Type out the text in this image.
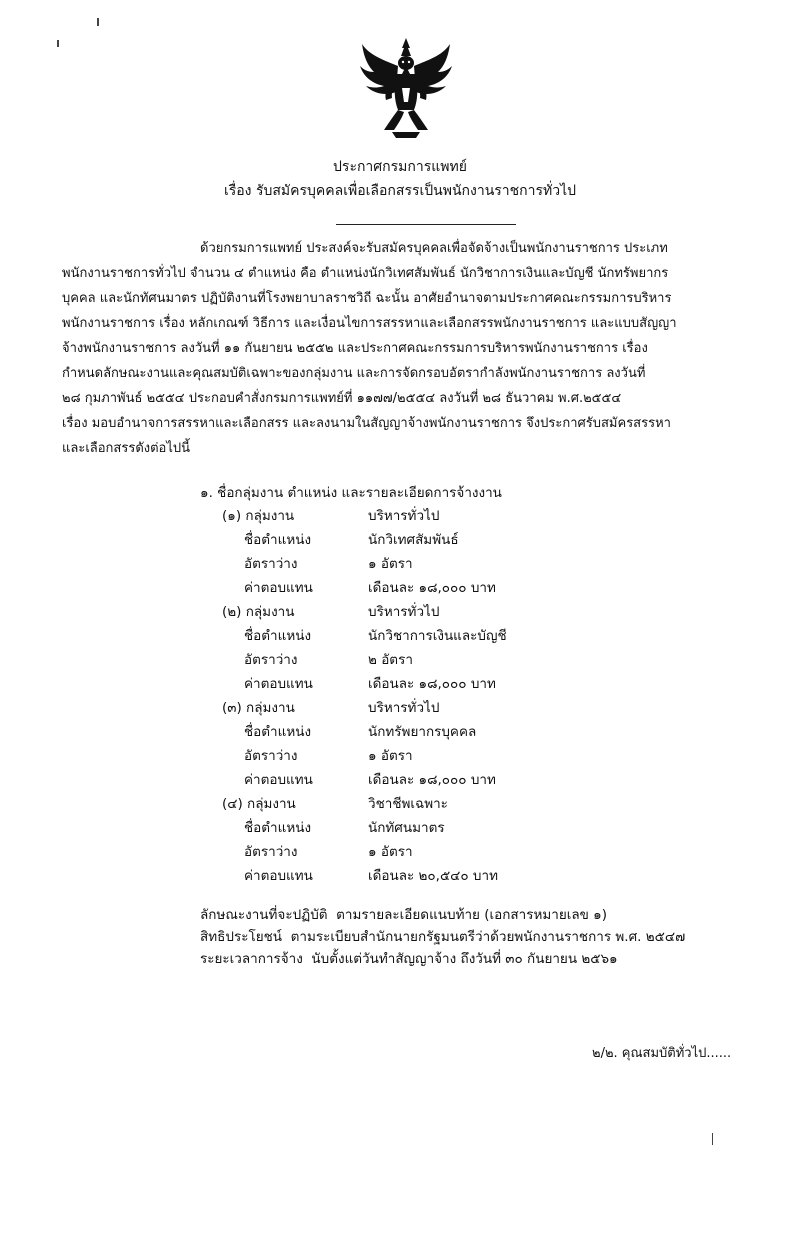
ประกาศกรมการแพทย์
เรื่อง รับสมัครบุคคลเพื่อเลือกสรรเป็นพนักงานราชการทั่วไป
ด้วยกรมการแพทย์ ประสงค์จะรับสมัครบุคคลเพื่อจัดจ้างเป็นพนักงานราชการ ประเภท
พนักงานราชการทั่วไป จำนวน ๔ ตำแหน่ง คือ ตำแหน่งนักวิเทศสัมพันธ์ นักวิชาการเงินและบัญชี นักทรัพยากร
บุคคล และนักทัศนมาตร ปฏิบัติงานที่โรงพยาบาลราชวิถี ฉะนั้น อาศัยอำนาจตามประกาศคณะกรรมการบริหาร
พนักงานราชการ เรื่อง หลักเกณฑ์ วิธีการ และเงื่อนไขการสรรหาและเลือกสรรพนักงานราชการ และแบบสัญญา
จ้างพนักงานราชการ ลงวันที่ ๑๑ กันยายน ๒๕๕๒ และประกาศคณะกรรมการบริหารพนักงานราชการ เรื่อง
กำหนดลักษณะงานและคุณสมบัติเฉพาะของกลุ่มงาน และการจัดกรอบอัตรากำลังพนักงานราชการ ลงวันที่
๒๘ กุมภาพันธ์ ๒๕๕๔ ประกอบคำสั่งกรมการแพทย์ที่ ๑๑๗๗/๒๕๕๔ ลงวันที่ ๒๘ ธันวาคม พ.ศ.๒๕๕๔
เรื่อง มอบอำนาจการสรรหาและเลือกสรร และลงนามในสัญญาจ้างพนักงานราชการ จึงประกาศรับสมัครสรรหา
และเลือกสรรดังต่อไปนี้
๑. ชื่อกลุ่มงาน ตำแหน่ง และรายละเอียดการจ้างงาน
(๑) กลุ่มงาน	บริหารทั่วไป
ชื่อตำแหน่ง	นักวิเทศสัมพันธ์
อัตราว่าง	๑ อัตรา
ค่าตอบแทน	เดือนละ ๑๘,๐๐๐ บาท
(๒) กลุ่มงาน	บริหารทั่วไป
ชื่อตำแหน่ง	นักวิชาการเงินและบัญชี
อัตราว่าง	๒ อัตรา
ค่าตอบแทน	เดือนละ ๑๘,๐๐๐ บาท
(๓) กลุ่มงาน	บริหารทั่วไป
ชื่อตำแหน่ง	นักทรัพยากรบุคคล
อัตราว่าง	๑ อัตรา
ค่าตอบแทน	เดือนละ ๑๘,๐๐๐ บาท
(๔) กลุ่มงาน	วิชาชีพเฉพาะ
ชื่อตำแหน่ง	นักทัศนมาตร
อัตราว่าง	๑ อัตรา
ค่าตอบแทน	เดือนละ ๒๐,๕๔๐ บาท
ลักษณะงานที่จะปฏิบัติ ตามรายละเอียดแนบท้าย (เอกสารหมายเลข ๑)
สิทธิประโยชน์ ตามระเบียบสำนักนายกรัฐมนตรีว่าด้วยพนักงานราชการ พ.ศ. ๒๕๔๗
ระยะเวลาการจ้าง นับตั้งแต่วันทำสัญญาจ้าง ถึงวันที่ ๓๐ กันยายน ๒๕๖๑
๒/๒. คุณสมบัติทั่วไป......
